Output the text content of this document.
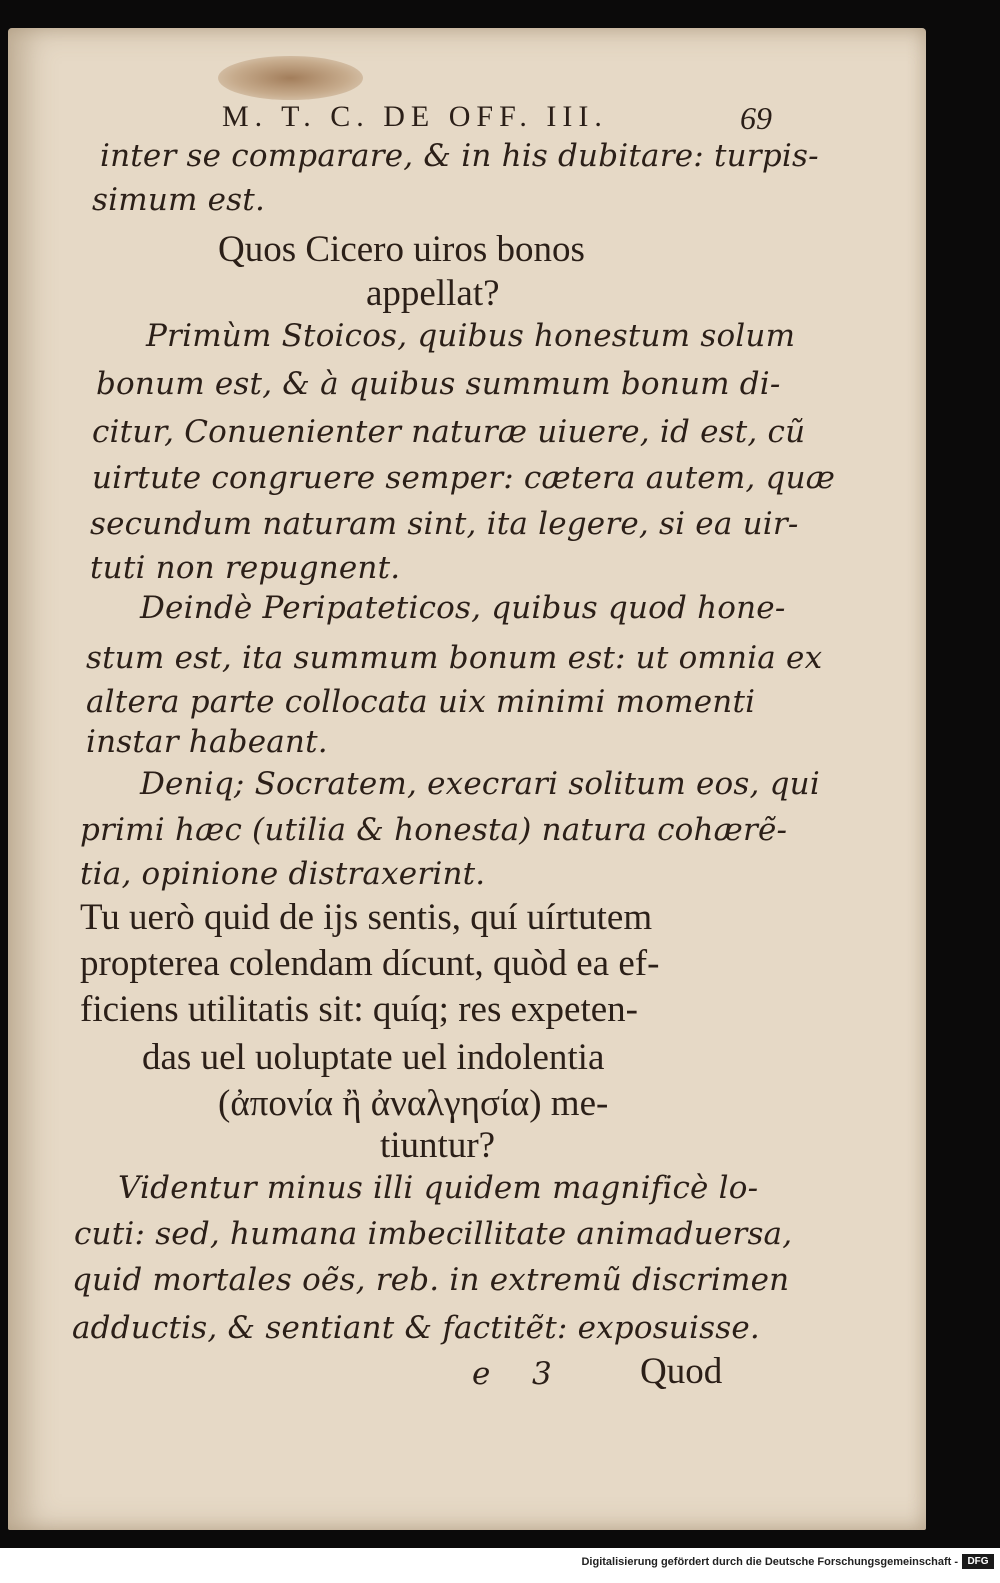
M. T. C. DE OFF. III.	69
inter se comparare, & in his dubitare: turpis-
simum est.
Quos Cicero uiros bonos
appellat?
Primùm Stoicos, quibus honestum solum
bonum est, & à quibus summum bonum di-
citur, Conuenienter naturæ uiuere, id est, cũ
uirtute congruere semper: cætera autem, quæ
secundum naturam sint, ita legere, si ea uir-
tuti non repugnent.
Deindè Peripateticos, quibus quod hone-
stum est, ita summum bonum est: ut omnia ex
altera parte collocata uix minimi momenti
instar habeant.
Deniq; Socratem, execrari solitum eos, qui
primi hæc (utilia & honesta) natura cohærẽ-
tia, opinione distraxerint.
Tu uerò quid de ijs sentis, quí uírtutem
propterea colendam dícunt, quòd ea ef-
ficiens utilitatis sit: quíq; res expeten-
das uel uoluptate uel indolentia
(ἀπονία ἢ ἀναλγησία) me-
tiuntur?
Videntur minus illi quidem magnificè lo-
cuti: sed, humana imbecillitate animaduersa,
quid mortales oẽs, reb. in extremũ discrimen
adductis, & sentiant & factitẽt: exposuisse.
e 3 Quod
Digitalisierung gefördert durch die Deutsche Forschungsgemeinschaft - DFG
